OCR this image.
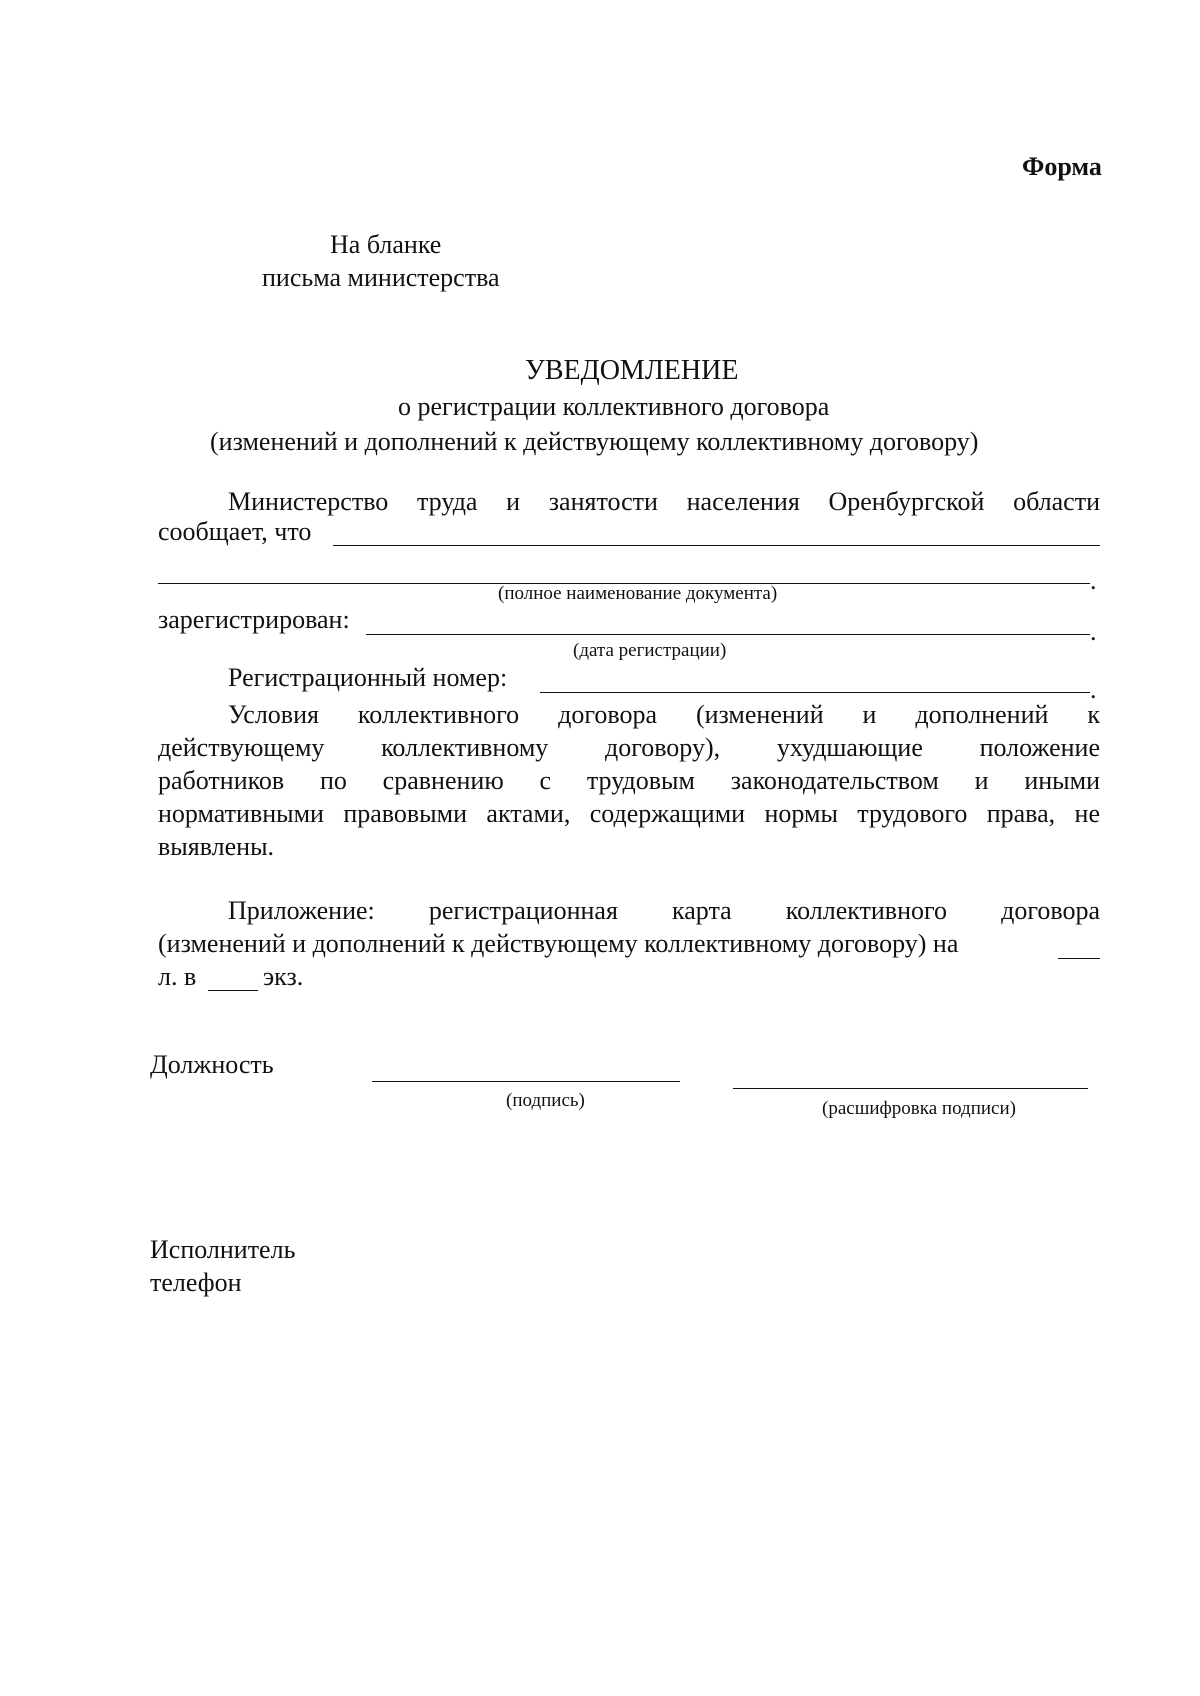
Форма
На бланке
письма министерства
УВЕДОМЛЕНИЕ
о регистрации коллективного договора
(изменений и дополнений к действующему коллективному договору)
Министерство труда и занятости населения Оренбургской области
сообщает, что
.
(полное наименование документа)
зарегистрирован:	.
(дата регистрации)
Регистрационный номер:	.
Условия коллективного договора (изменений и дополнений к
действующему коллективному договору), ухудшающие положение
работников по сравнению с трудовым законодательством и иными
нормативными правовыми актами, содержащими нормы трудового права, не
выявлены.
Приложение: регистрационная карта коллективного договора
(изменений и дополнений к действующему коллективному договору) на
л. в	экз.
Должность
(подпись)	(расшифровка подписи)
Исполнитель
телефон
